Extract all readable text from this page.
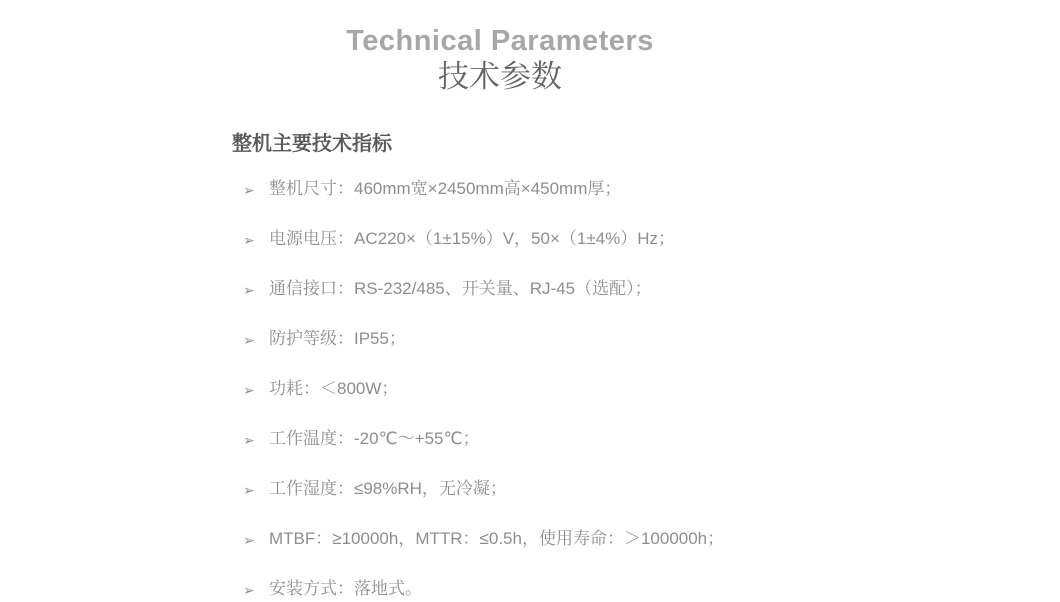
Technical Parameters
技术参数
整机主要技术指标
➢ 整机尺寸：460mm宽×2450mm高×450mm厚；
➢ 电源电压：AC220×（1±15%）V，50×（1±4%）Hz；
➢ 通信接口：RS-232/485、开关量、RJ-45（选配）；
➢ 防护等级：IP55；
➢ 功耗：＜800W；
➢ 工作温度：-20℃～+55℃；
➢ 工作湿度：≤98%RH，无冷凝；
➢ MTBF：≥10000h，MTTR：≤0.5h，使用寿命：＞100000h；
➢ 安装方式：落地式。
